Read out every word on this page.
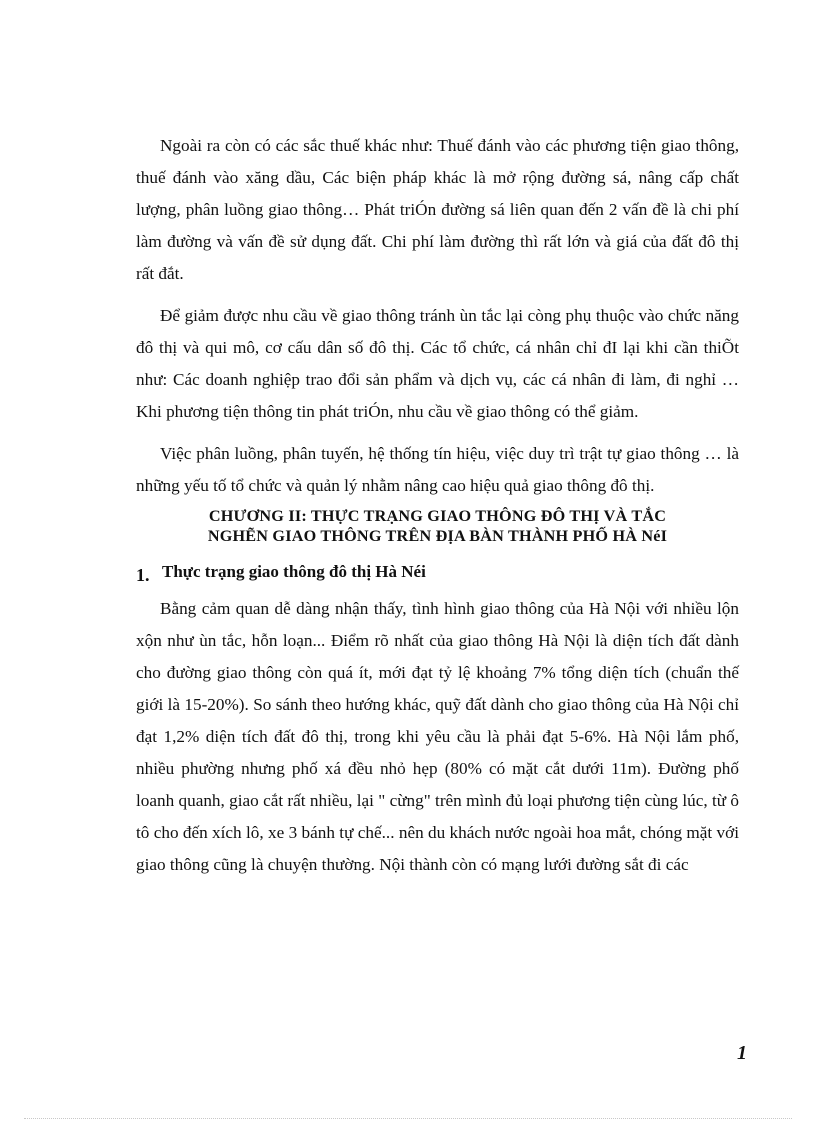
Ngoài ra còn có các sắc thuế khác như: Thuế đánh vào các phương tiện giao thông, thuế đánh vào xăng dầu, Các biện pháp khác là mở rộng đường sá, nâng cấp chất lượng, phân luồng giao thông… Phát triÓn đường sá liên quan đến 2 vấn đề là chi phí làm đường và vấn đề sử dụng đất. Chi phí làm đường thì rất lớn và giá của đất đô thị rất đắt.

Để giảm được nhu cầu về giao thông tránh ùn tắc lại còng phụ thuộc vào chức năng đô thị và qui mô, cơ cấu dân số đô thị. Các tổ chức, cá nhân chỉ đI lại khi cần thiÕt như: Các doanh nghiệp trao đổi sản phẩm và dịch vụ, các cá nhân đi làm, đi nghỉ … Khi phương tiện thông tin phát triÓn, nhu cầu về giao thông có thể giảm.

Việc phân luồng, phân tuyến, hệ thống tín hiệu, việc duy trì trật tự giao thông … là những yếu tố tổ chức và quản lý nhằm nâng cao hiệu quả giao thông đô thị.

CHƯƠNG II: THỰC TRẠNG GIAO THÔNG ĐÔ THỊ VÀ TẮC
NGHẼN GIAO THÔNG TRÊN ĐỊA BÀN THÀNH PHỐ HÀ NéI
1. Thực trạng giao thông đô thị Hà Néi

Bằng cảm quan dễ dàng nhận thấy, tình hình giao thông của Hà Nội với nhiều lộn xộn như ùn tắc, hỗn loạn... Điểm rõ nhất của giao thông Hà Nội là diện tích đất dành cho đường giao thông còn quá ít, mới đạt tỷ lệ khoảng 7% tổng diện tích (chuẩn thế giới là 15-20%). So sánh theo hướng khác, quỹ đất dành cho giao thông của Hà Nội chỉ đạt 1,2% diện tích đất đô thị, trong khi yêu cầu là phải đạt 5-6%. Hà Nội lắm phố, nhiều phường nhưng phố xá đều nhỏ hẹp (80% có mặt cắt dưới 11m). Đường phố loanh quanh, giao cắt rất nhiều, lại " cừng" trên mình đủ loại phương tiện cùng lúc, từ ô tô cho đến xích lô, xe 3 bánh tự chế... nên du khách nước ngoài hoa mắt, chóng mặt với giao thông cũng là chuyện thường. Nội thành còn có mạng lưới đường sắt đi các

1
